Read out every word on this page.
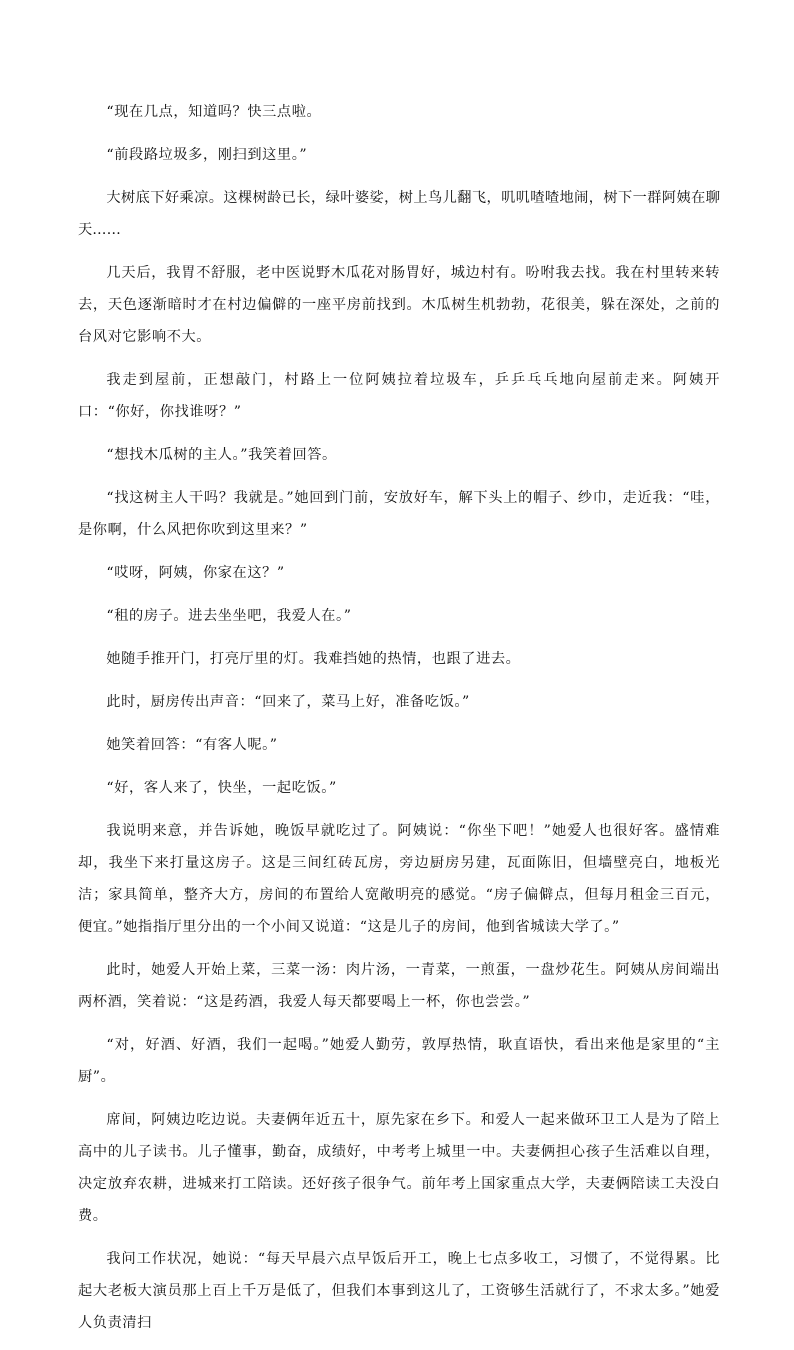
“现在几点，知道吗？快三点啦。

“前段路垃圾多，刚扫到这里。”

大树底下好乘凉。这棵树龄已长，绿叶婆娑，树上鸟儿翻飞，叽叽喳喳地闹，树下一群阿姨在聊天……

几天后，我胃不舒服，老中医说野木瓜花对肠胃好，城边村有。吩咐我去找。我在村里转来转去，天色逐渐暗时才在村边偏僻的一座平房前找到。木瓜树生机勃勃，花很美，躲在深处，之前的台风对它影响不大。

我走到屋前，正想敲门，村路上一位阿姨拉着垃圾车，乒乒乓乓地向屋前走来。阿姨开口：“你好，你找谁呀？”

“想找木瓜树的主人。”我笑着回答。

“找这树主人干吗？我就是。”她回到门前，安放好车，解下头上的帽子、纱巾，走近我：“哇，是你啊，什么风把你吹到这里来？”

“哎呀，阿姨，你家在这？”

“租的房子。进去坐坐吧，我爱人在。”

她随手推开门，打亮厅里的灯。我难挡她的热情，也跟了进去。

此时，厨房传出声音：“回来了，菜马上好，准备吃饭。”

她笑着回答：“有客人呢。”

“好，客人来了，快坐，一起吃饭。”

我说明来意，并告诉她，晚饭早就吃过了。阿姨说：“你坐下吧！”她爱人也很好客。盛情难却，我坐下来打量这房子。这是三间红砖瓦房，旁边厨房另建，瓦面陈旧，但墙壁亮白，地板光洁；家具简单，整齐大方，房间的布置给人宽敞明亮的感觉。“房子偏僻点，但每月租金三百元，便宜。”她指指厅里分出的一个小间又说道：“这是儿子的房间，他到省城读大学了。”

此时，她爱人开始上菜，三菜一汤：肉片汤，一青菜，一煎蛋，一盘炒花生。阿姨从房间端出两杯酒，笑着说：“这是药酒，我爱人每天都要喝上一杯，你也尝尝。”

“对，好酒、好酒，我们一起喝。”她爱人勤劳，敦厚热情，耿直语快，看出来他是家里的“主厨”。

席间，阿姨边吃边说。夫妻俩年近五十，原先家在乡下。和爱人一起来做环卫工人是为了陪上高中的儿子读书。儿子懂事，勤奋，成绩好，中考考上城里一中。夫妻俩担心孩子生活难以自理，决定放弃农耕，进城来打工陪读。还好孩子很争气。前年考上国家重点大学，夫妻俩陪读工夫没白费。

我问工作状况，她说：“每天早晨六点早饭后开工，晚上七点多收工，习惯了，不觉得累。比起大老板大演员那上百上千万是低了，但我们本事到这儿了，工资够生活就行了，不求太多。”她爱人负责清扫
